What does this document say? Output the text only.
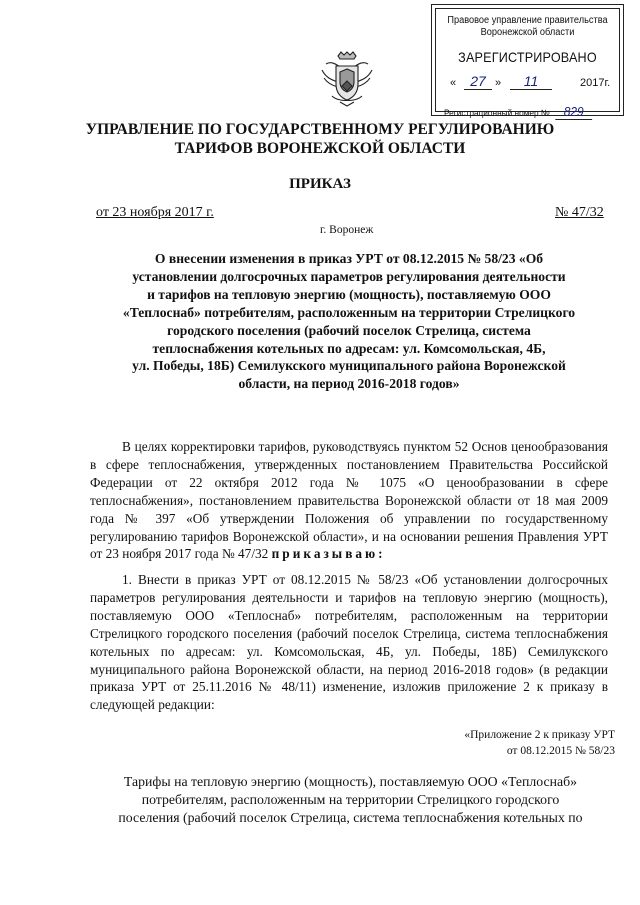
Правовое управление правительства
Воронежской области
ЗАРЕГИСТРИРОВАНО
«	27 »	11	2017г.
Регистрационный номер № 829
УПРАВЛЕНИЕ ПО ГОСУДАРСТВЕННОМУ РЕГУЛИРОВАНИЮ
ТАРИФОВ ВОРОНЕЖСКОЙ ОБЛАСТИ
ПРИКАЗ
от 23 ноября 2017 г.	№ 47/32
г. Воронеж
О внесении изменения в приказ УРТ от 08.12.2015 № 58/23 «Об
установлении долгосрочных параметров регулирования деятельности
и тарифов на тепловую энергию (мощность), поставляемую ООО
«Теплоснаб» потребителям, расположенным на территории Стрелицкого
городского поселения (рабочий поселок Стрелица, система
теплоснабжения котельных по адресам: ул. Комсомольская, 4Б,
ул. Победы, 18Б) Семилукского муниципального района Воронежской
области, на период 2016-2018 годов»
В целях корректировки тарифов, руководствуясь пунктом 52 Основ ценообразования в сфере теплоснабжения, утвержденных постановлением Правительства Российской Федерации от 22 октября 2012 года № 1075 «О ценообразовании в сфере теплоснабжения», постановлением правительства Воронежской области от 18 мая 2009 года № 397 «Об утверждении Положения об управлении по государственному регулированию тарифов Воронежской области», и на основании решения Правления УРТ от 23 ноября 2017 года № 47/32 приказываю:
1. Внести в приказ УРТ от 08.12.2015 № 58/23 «Об установлении долгосрочных параметров регулирования деятельности и тарифов на тепловую энергию (мощность), поставляемую ООО «Теплоснаб» потребителям, расположенным на территории Стрелицкого городского поселения (рабочий поселок Стрелица, система теплоснабжения котельных по адресам: ул. Комсомольская, 4Б, ул. Победы, 18Б) Семилукского муниципального района Воронежской области, на период 2016-2018 годов» (в редакции приказа УРТ от 25.11.2016 № 48/11) изменение, изложив приложение 2 к приказу в следующей редакции:
«Приложение 2 к приказу УРТ
от 08.12.2015 № 58/23
Тарифы на тепловую энергию (мощность), поставляемую ООО «Теплоснаб»
потребителям, расположенным на территории Стрелицкого городского
поселения (рабочий поселок Стрелица, система теплоснабжения котельных по
